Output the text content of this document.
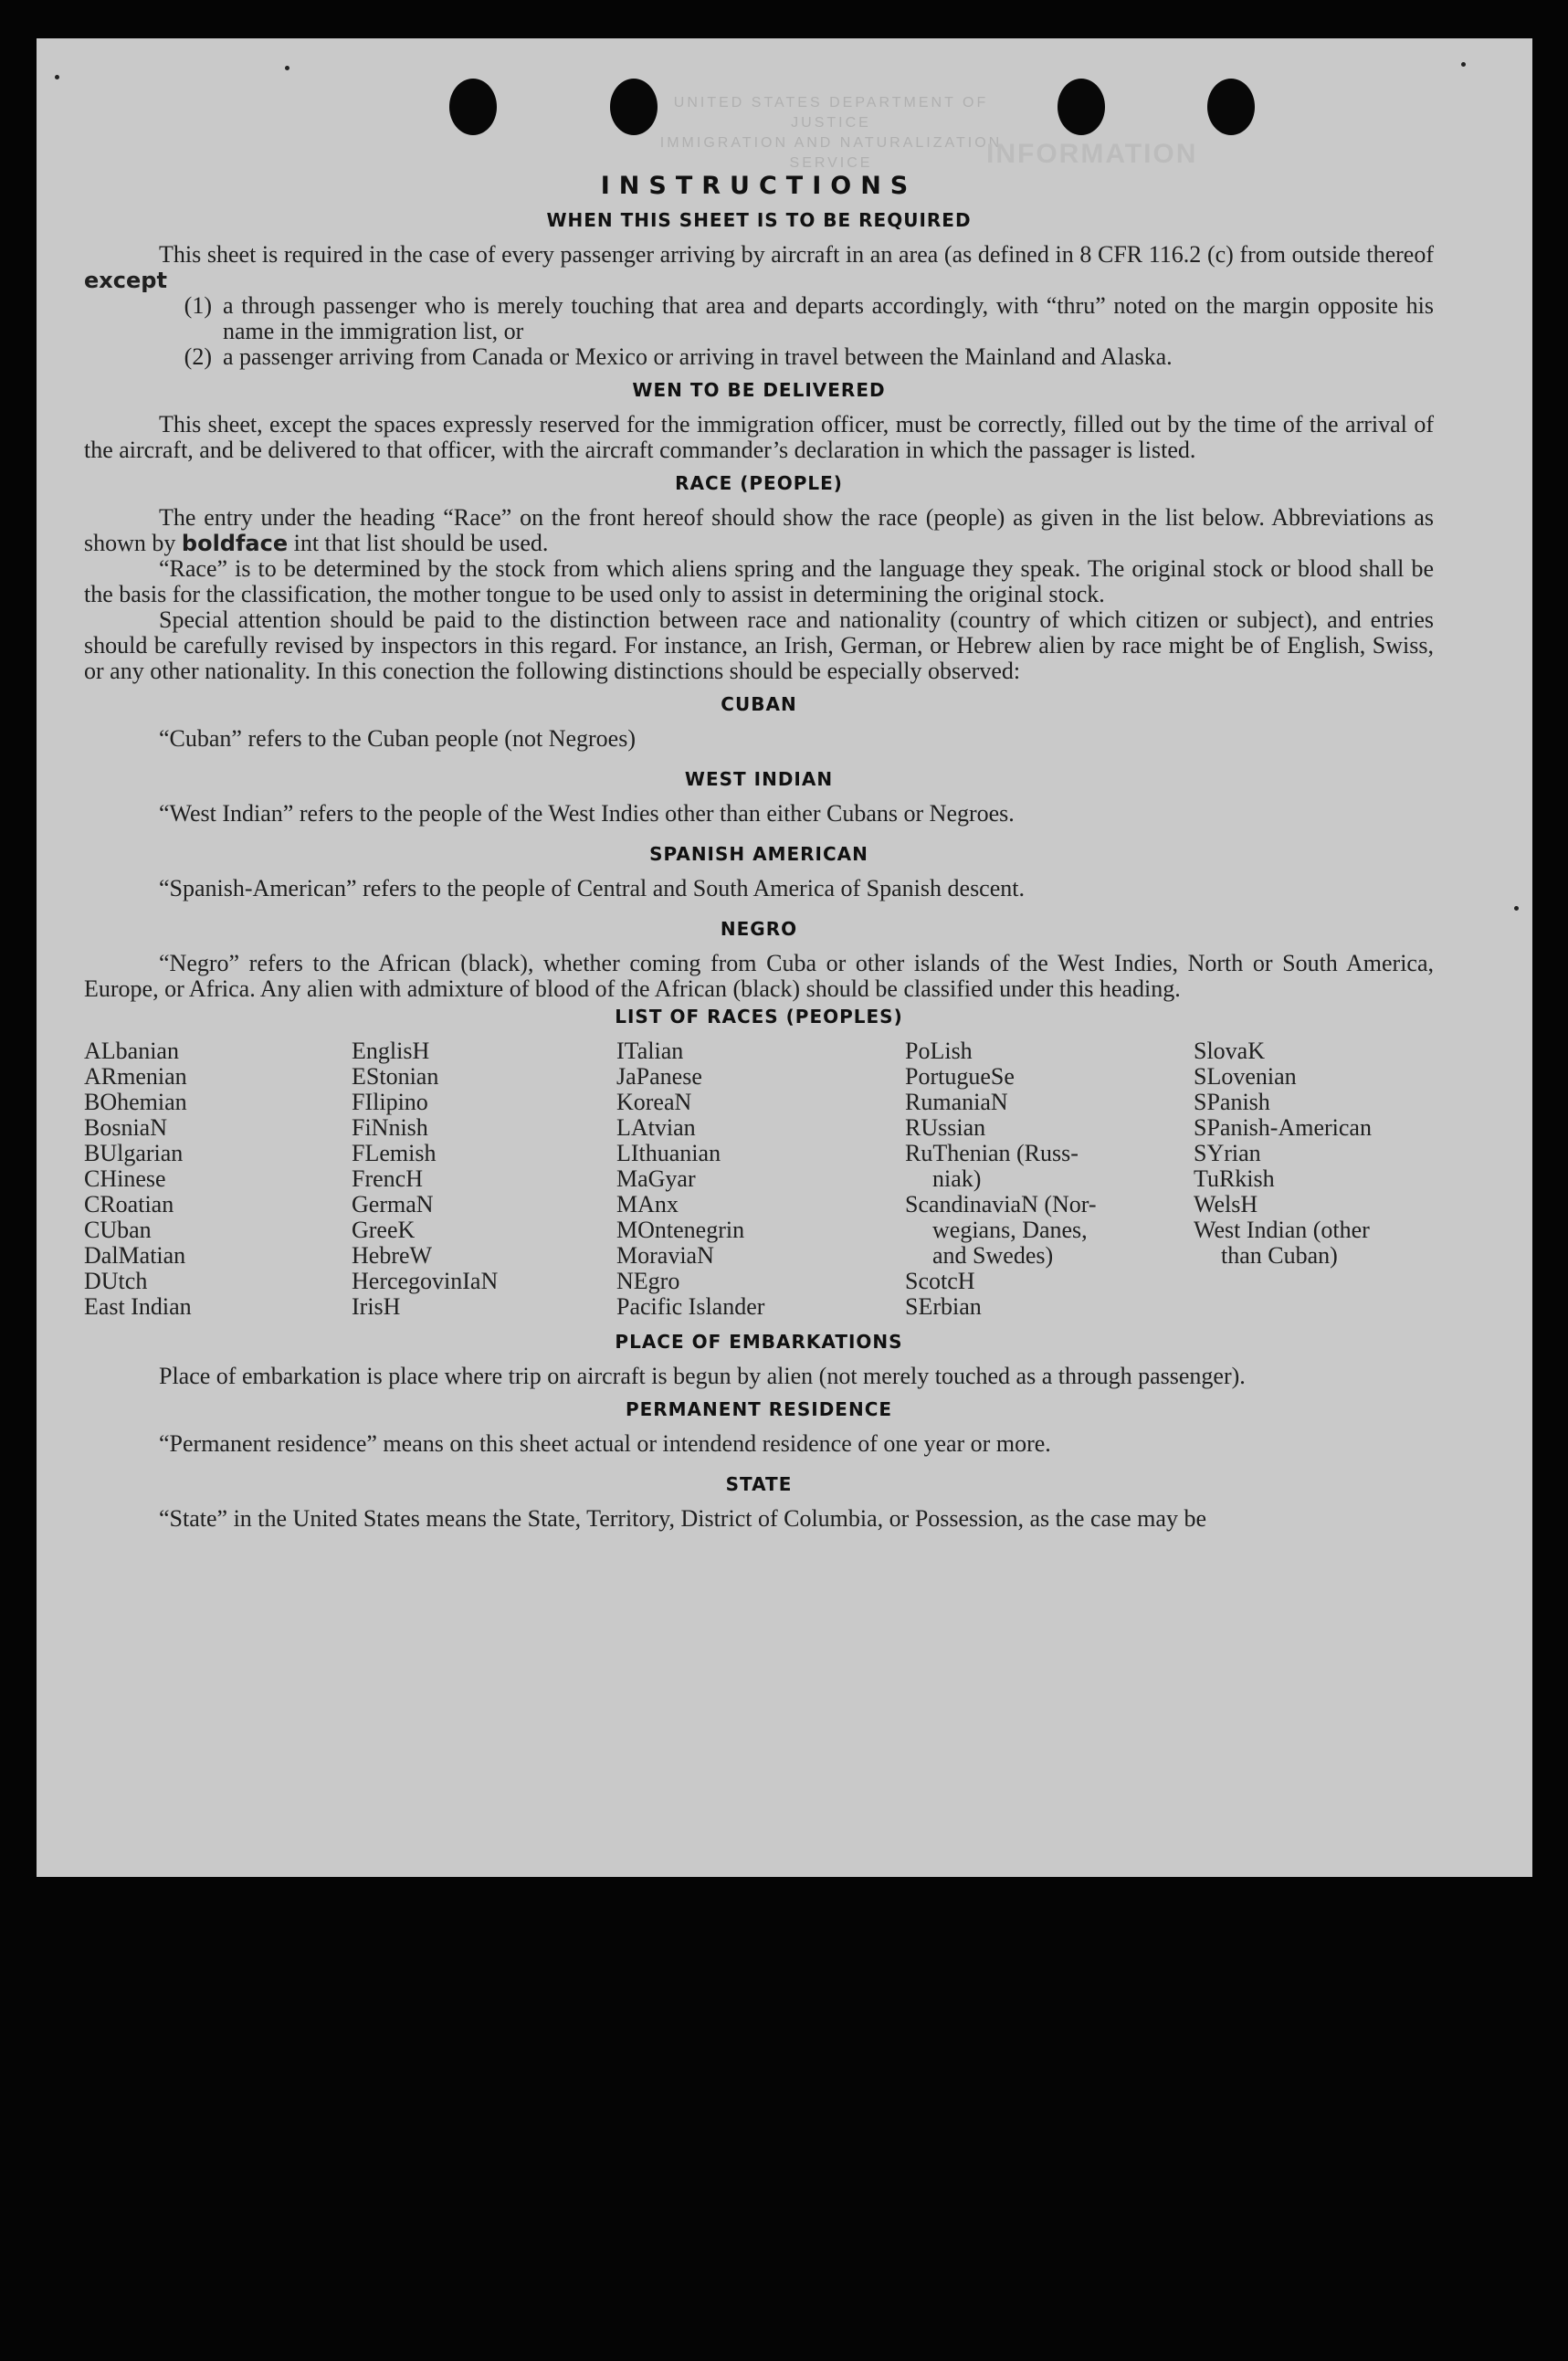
UNITED STATES DEPARTMENT OF JUSTICE
IMMIGRATION AND NATURALIZATION SERVICE	INFORMATION
INSTRUCTIONS
WHEN THIS SHEET IS TO BE REQUIRED

This sheet is required in the case of every passenger arriving by aircraft in an area (as defined in 8 CFR 116.2 (c) from outside thereof except

(1) a through passenger who is merely touching that area and departs accordingly, with “thru” noted on the margin opposite his name in the immigration list, or
(2) a passenger arriving from Canada or Mexico or arriving in travel between the Mainland and Alaska.
WEN TO BE DELIVERED

This sheet, except the spaces expressly reserved for the immigration officer, must be correctly, filled out by the time of the arrival of the aircraft, and be delivered to that officer, with the aircraft commander’s declaration in which the passager is listed.

RACE (PEOPLE)

The entry under the heading “Race” on the front hereof should show the race (people) as given in the list below. Abbreviations as shown by boldface int that list should be used.

“Race” is to be determined by the stock from which aliens spring and the language they speak. The original stock or blood shall be the basis for the classification, the mother tongue to be used only to assist in determining the original stock.

Special attention should be paid to the distinction between race and nationality (country of which citizen or subject), and entries should be carefully revised by inspectors in this regard. For instance, an Irish, German, or Hebrew alien by race might be of English, Swiss, or any other nationality. In this conection the following distinctions should be especially observed:

CUBAN

“Cuban” refers to the Cuban people (not Negroes)

WEST INDIAN

“West Indian” refers to the people of the West Indies other than either Cubans or Negroes.

SPANISH AMERICAN

“Spanish-American” refers to the people of Central and South America of Spanish descent.

NEGRO

“Negro” refers to the African (black), whether coming from Cuba or other islands of the West Indies, North or South America, Europe, or Africa. Any alien with admixture of blood of the African (black) should be classified under this heading.

LIST OF RACES (PEOPLES)
ALbanian
ARmenian
BOhemian
BosniaN
BUlgarian
CHinese
CRoatian
CUban
DalMatian
DUtch
East Indian
EnglisH
EStonian
FIlipino
FiNnish
FLemish
FrencH
GermaN
GreeK
HebreW
HercegovinIaN
IrisH
ITalian
JaPanese
KoreaN
LAtvian
LIthuanian
MaGyar
MAnx
MOntenegrin
MoraviaN
NEgro
Pacific Islander
PoLish
PortugueSe
RumaniaN
RUssian
RuThenian (Russ-
niak)
ScandinaviaN (Nor-
wegians, Danes,
and Swedes)
ScotcH
SErbian
SlovaK
SLovenian
SPanish
SPanish-American
SYrian
TuRkish
WelsH
West Indian (other
than Cuban)
PLACE OF EMBARKATIONS

Place of embarkation is place where trip on aircraft is begun by alien (not merely touched as a through passenger).

PERMANENT RESIDENCE

“Permanent residence” means on this sheet actual or intendend residence of one year or more.

STATE

“State” in the United States means the State, Territory, District of Columbia, or Possession, as the case may be
